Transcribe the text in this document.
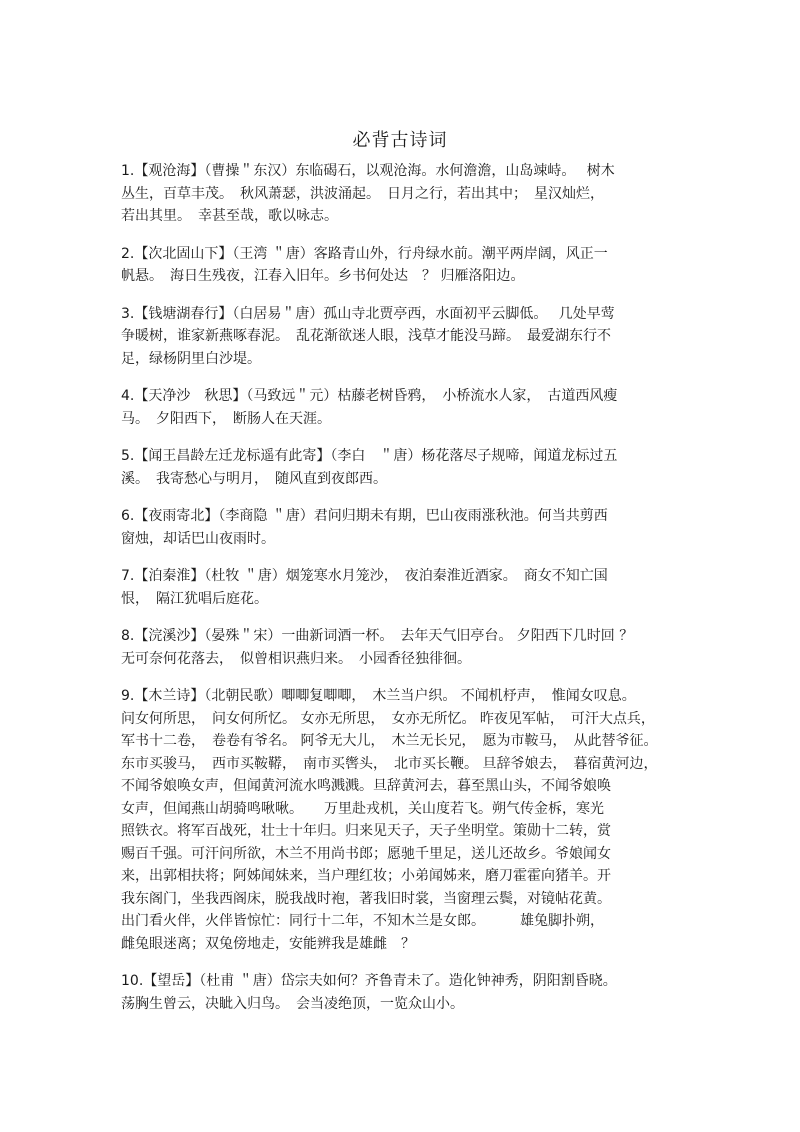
必背古诗词
1.【观沧海】（曹操＂东汉）东临碣石，以观沧海。水何澹澹，山岛竦峙。　 树木
丛生，百草丰茂。　秋风萧瑟，洪波涌起。　日月之行，若出其中；　星汉灿烂，
若出其里。　幸甚至哉，歌以咏志。
2.【次北固山下】（王湾 ＂唐）客路青山外，行舟绿水前。潮平两岸阔，风正一
帆悬。　海日生残夜，江春入旧年。乡书何处达　？ 归雁洛阳边。
3.【钱塘湖春行】（白居易＂唐）孤山寺北贾亭西，水面初平云脚低。　 几处早莺
争暖树，谁家新燕啄春泥。　乱花渐欲迷人眼，浅草才能没马蹄。　最爱湖东行不
足，绿杨阴里白沙堤。
4.【天净沙　秋思】（马致远＂元）枯藤老树昏鸦，　小桥流水人家，　古道西风瘦
马。　夕阳西下，　断肠人在天涯。
5.【闻王昌龄左迁龙标遥有此寄】（李白　＂唐）杨花落尽子规啼，闻道龙标过五
溪。　我寄愁心与明月，　随风直到夜郎西。
6.【夜雨寄北】（李商隐 ＂唐）君问归期未有期，巴山夜雨涨秋池。何当共剪西
窗烛，却话巴山夜雨时。
7.【泊秦淮】（杜牧 ＂唐）烟笼寒水月笼沙，　夜泊秦淮近酒家。　商女不知亡国
恨，　隔江犹唱后庭花。
8.【浣溪沙】（晏殊＂宋）一曲新词酒一杯。　去年天气旧亭台。 夕阳西下几时回 ？
无可奈何花落去，　似曾相识燕归来。　小园香径独徘徊。
9.【木兰诗】（北朝民歌）唧唧复唧唧，　木兰当户织。 不闻机杼声，　惟闻女叹息。
问女何所思，　问女何所忆。 女亦无所思，　女亦无所忆。 昨夜见军帖，　可汗大点兵，
军书十二卷，　卷卷有爷名。 阿爷无大儿，　木兰无长兄，　愿为市鞍马，　从此替爷征。
东市买骏马，　西市买鞍鞯，　南市买辔头，　北市买长鞭。 旦辞爷娘去，　暮宿黄河边，
不闻爷娘唤女声，但闻黄河流水鸣溅溅。旦辞黄河去，暮至黑山头，不闻爷娘唤
女声，但闻燕山胡骑鸣啾啾。　　万里赴戎机，关山度若飞。朔气传金柝，寒光
照铁衣。将军百战死，壮士十年归。归来见天子，天子坐明堂。策勋十二转，赏
赐百千强。可汗问所欲，木兰不用尚书郎；愿驰千里足，送儿还故乡。爷娘闻女
来，出郭相扶将；阿姊闻妹来，当户理红妆；小弟闻姊来，磨刀霍霍向猪羊。开
我东阁门，坐我西阁床，脱我战时袍，著我旧时裳，当窗理云鬓，对镜帖花黄。
出门看火伴，火伴皆惊忙：同行十二年，不知木兰是女郎。　　　雄兔脚扑朔，
雌兔眼迷离；双兔傍地走，安能辨我是雄雌　？
10.【望岳】（杜甫 ＂唐）岱宗夫如何？齐鲁青未了。造化钟神秀，阴阳割昏晓。
荡胸生曾云，决眦入归鸟。　会当凌绝顶，一览众山小。
